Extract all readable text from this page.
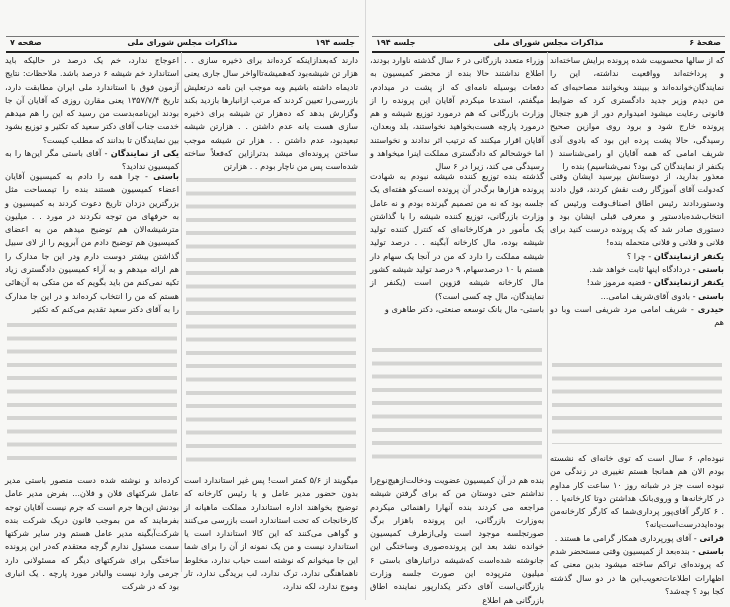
جلسه ۱۹۴
مذاکرات مجلس شورای ملی
صفحه ۷
دارند که‌بعد‌ازاینکه کرده‌اند برای ذخیره سازی . . هزار تن شیشه‌بود که‌همیشه‌تااواخر سال جاری یعنی تادیماه داشته باشیم وبه موجب این نامه درتعلیش بازرسی‌را تعیین کردند که مرتب ازانبارها بازدید بکند وگزارش بدهد که ده‌هزار تن شیشه برای ذخیره سازی هست یانه عدم داشتن . . هزارتن شیشه تبعید‌بود، عدم داشتن . . هزار تن شیشه موجب ساختن پرونده‌ای میشد بدترازاین که‌فعلاً ساخته شده‌است پس من ناچار بودم . . هزارتن
میگویند از ۵/۶ کمتر است! پس غیر استاندارد است بدون حضور مدیر عامل و یا رئیس کارخانه که توضیح بخواهند اداره استاندارد مملکت ماهیانه از کارخانجات که تحت استاندارد است بازرسی می‌کنند و گواهی می‌کنند که این کالا استاندارد است یا استاندارد نیست و من یک نمونه از آن را برای شما این جا میخوانم که نوشته است حباب ندارد، مخلوط ناهماهنگی ندارد، ترک ندارد، لب بریدگی ندارد، تار وموج ندارد، لکه ندارد،

اعوجاج ندارد، خم یک درصد در حالیکه باید استاندارد خم شیشه ۶ درصد باشد. ملاحظات: نتایج آزمون فوق با استاندارد ملی ایران مطابقت دارد، تاریخ ۱۳۵۷/۷/۴ یعنی مقارن روزی که آقایان آن جا بودند این‌نامه‌بدست من رسید که این را هم میدهم خدمت جناب آقای دکتر سعید که تکثیر و توزیع بشود بین نمایندگان تا بدانند که مطلب کیست؟

یکی از نمایندگان - آقای باستی مگر این‌ها را به کمیسیون ندادید؟

باستی - چرا همه را دادم به کمیسیون آقایان اعضاء کمیسیون هستند بنده را تیمساحت مثل بزرگترین دزدان تاریخ دعوت کردند به کمیسیون و به حرفهای من توجه نکردند در مورد . . میلیون مترشیشه‌الان هم توضیح میدهم من به اعضای کمیسیون هم توضیح دادم من آبرویم را از لای سبیل گذاشتن بیشتر دوست دارم ودر این جا مدارک را هم ارائه میدهم و به آراء کمیسیون دادگستری زیاد تکیه نمی‌کنم من باید بگویم که من متکی به آن‌هائی هستم که من را انتخاب کرده‌اند و در این جا مدارک را به آقای دکتر سعید تقدیم می‌کنم که تکثیر

کرده‌اند و نوشته شده دست منصور باستی مدیر عامل شرکتهای فلان و فلان... بفرض مدیر عامل بودنش این‌ها جرم است که جرم نیست آقایان توجه بفرمایند که من بموجب قانون دریک شرکت بنده شرکت‌آبگینه مدیر عامل هستم ودر سایر شرکتها سمت مسئول ندارم گرچه معتقدم که‌در این پرونده ساختگی برای شرکتهای دیگر که مسئولانی دارد جرمی وارد نیست والبادر مورد پارچه . یک انباری بود که در شرکت
صفحهٔ ۶
مذاکرات مجلس شورای ملی
جلسه ۱۹۴
که از سالها محسوبیت شده پرونده برایش ساخته‌اند و پرداخته‌اند وواقعیت نداشته، این را نمایندگان‌خوانده‌اند و ببینند وبخوانند مصاحبه‌ای که من دیدم وزیر جدید دادگستری کرد که ضوابط قانونی رعایت میشود امیدوارم دور از هرو جنجال پرونده خارج شود و برود روی موازین صحیح رسیدگی، حالا پشت پرده این بود که بادوی آدی شریف امامی که همه آقایان او رامی‌شناسند ( بکنفر از نمایندگان کی بود؟ نمی‌شناسیم) بنده را

معذور بدارید، از دوستانش بپرسید ایشان وقتی که‌دولت آقای آموزگار رفت نقش کردند، قول دادند ودستوردادند رئیس اطاق اصناف‌وقت ورئیس که انتخاب‌شده‌بادستور و معرفی قبلی ایشان بود و دستوری صادر شد که یک پرونده درست کنید برای فلانی و فلانی و فلانی متحمله بنده!

یکنفر ازنمایندگان - چرا ؟

باستی - دردادگاه اینها ثابت خواهد شد.

یکنفر ازنمایندگان - قضیه مرموز شد!

باستی - بادوی آقای‌شریف امامی...

حیدری - شریف امامی مرد شریفی است وبا دو هم

نبوده‌ام، ۶ سال است که توی خانه‌ای که نشسته بودم الان هم همانجا هستم تغییری در زندگی من نبوده است جز در شبانه روز ۱۰ ساعت کار مداوم در کارخانه‌ها و وروی‌بانک هداشتن دوتا کارخانه‌یا . . . ۶ کارگر آقای‌پور پرداری‌شما که کارگر کارخانه‌من بوده‌اید‌درست‌است‌یانه؟

قراتی - آقای پورپرداری همکار گرامی ما هستند .

باستی - بنده‌بعد از کمیسیون وقتی مستحضر شدم که پرونده‌ای تراکم ساخته میشود بدین معنی که اظهارات اطلاعات‌تعویب‌این ها در دو سال گذشته کجا بود ؟ چه‌شد؟

وزراء متعدد بازرگانی در ۶ سال گذشته ناوارد بودند، اطلاع نداشتند حالا بنده از محضر کمیسیون به دفعات بوسیله نامه‌ای که از پشت در میدادم، میگفتم، استدعا میکردم آقایان این پرونده را از وزارت بازرگانی که هم درمورد توزیع شیشه و هم درمورد پارچه هست‌بخواهید نخواستند، بلد وبعدان، آقایان اقرار میکنند که ترتیب اثر ندادند و نخواستند اما خوشحالم که دادگستری مملکت اینرا میخواهد و رسیدگی می کند، زیرا در ۶ سال

گذشته بنده توزیع کننده شیشه نبودم به شهادت پرونده هزارها برگ‌در آن پرونده است‌کو هفته‌ای یک جلسه بود که نه من تصمیم گیرنده بودم و نه عامل وزارت بازرگانی، توزیع کننده شیشه را با گذاشتن یک مأمور در هرکارخانه‌ای که کنترل کننده تولید شیشه بوده، مال کارخانه آبگینه . . درصد تولید شیشه مملکت را دارد که من در آنجا یک سهام دار هستم با ۱۰ درصدسهام، ۹ درصد تولید شیشه کشور مال کارخانه شیشه قزوین است (یکنفر از نمایندگان، مال چه کسی است؟)

باستی- مال بانک توسعه صنعتی، دکتر طاهری و

بنده هم در آن کمیسیون عضویت ودخالت‌ازهیچ‌نوع‌را نداشتم حتی دوستان من که برای گرفتن شیشه مراجعه می کردند بنده آنهارا راهنمائی میکردم به‌وزارت بازرگانی، این پرونده باهزار برگ صورتجلسه موجود است ولی‌ازطرف کمیسیون خوانده نشد بعد این پرونده‌صوری وساختگی این جانوشته شده‌است که‌شیشه دراتبارهای باستی ۶ میلیون مترپوده این صورت جلسه وزارت بازرگانی‌است آقای دکتر یکدارپور نماینده اطاق بازرگانی هم اطلاع
